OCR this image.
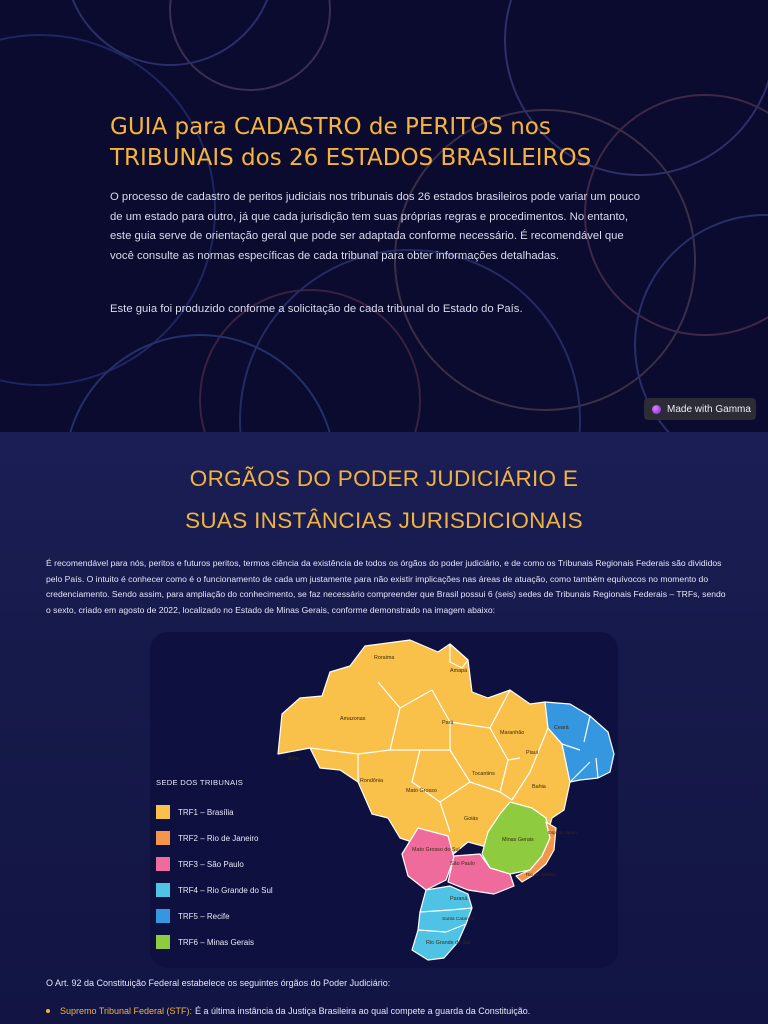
GUIA para CADASTRO de PERITOS nos
TRIBUNAIS dos 26 ESTADOS BRASILEIROS

O processo de cadastro de peritos judiciais nos tribunais dos 26 estados brasileiros pode variar um pouco de um estado para outro, já que cada jurisdição tem suas próprias regras e procedimentos. No entanto, este guia serve de orientação geral que pode ser adaptada conforme necessário. É recomendável que você consulte as normas específicas de cada tribunal para obter informações detalhadas.

Este guia foi produzido conforme a solicitação de cada tribunal do Estado do País.

Made with Gamma
ORGÃOS DO PODER JUDICIÁRIO E
SUAS INSTÂNCIAS JURISDICIONAIS

É recomendável para nós, peritos e futuros peritos, termos ciência da existência de todos os órgãos do poder judiciário, e de como os Tribunais Regionais Federais são divididos pelo País. O intuito é conhecer como é o funcionamento de cada um justamente para não existir implicações nas áreas de atuação, como também equívocos no momento do credenciamento. Sendo assim, para ampliação do conhecimento, se faz necessário compreender que Brasil possui 6 (seis) sedes de Tribunais Regionais Federais – TRFs, sendo o sexto, criado em agosto de 2022, localizado no Estado de Minas Gerais, conforme demonstrado na imagem abaixo:

Roraima
Amapá
Amazonas
Pará
Maranhão
Ceará
Piauí
Acre
Rondônia
Tocantins
Bahia
Mato Grosso
Goiás
Minas Gerais
Mato Grosso do Sul
São Paulo
Espírito Santo
Rio de Janeiro
Paraná
Santa Catarina
Rio Grande do Sul
SEDE DOS TRIBUNAIS
TRF1 – Brasília
TRF2 – Rio de Janeiro
TRF3 – São Paulo
TRF4 – Rio Grande do Sul
TRF5 – Recife
TRF6 – Minas Gerais

O Art. 92 da Constituição Federal estabelece os seguintes órgãos do Poder Judiciário:

Supremo Tribunal Federal (STF): É a última instância da Justiça Brasileira ao qual compete a guarda da Constituição.
